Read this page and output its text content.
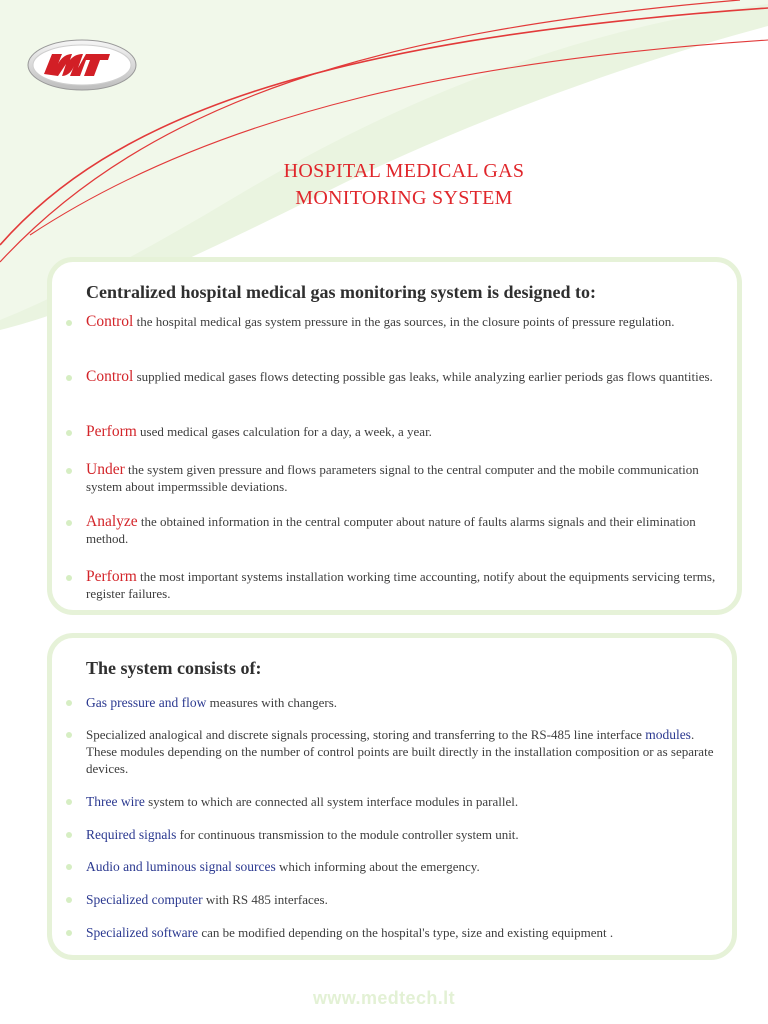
HOSPITAL MEDICAL GAS
MONITORING SYSTEM
Centralized hospital medical gas monitoring system is designed to:
Control the hospital medical gas system pressure in the gas sources, in the closure points of pressure regulation.
Control supplied medical gases flows detecting possible gas leaks, while analyzing earlier periods gas flows quantities.
Perform used medical gases calculation for a day, a week, a year.
Under the system given pressure and flows parameters signal to the central computer and the mobile communication system about impermssible deviations.
Analyze the obtained information in the central computer about nature of faults alarms signals and their elimination method.
Perform the most important systems installation working time accounting, notify about the equipments servicing terms, register failures.
The system consists of:
Gas pressure and flow measures with changers.
Specialized analogical and discrete signals processing, storing and transferring to the RS-485 line interface modules. These modules depending on the number of control points are built directly in the installation composition or as separate devices.
Three wire system to which are connected all system interface modules in parallel.
Required signals for continuous transmission to the module controller system unit.
Audio and luminous signal sources which informing about the emergency.
Specialized computer with RS 485 interfaces.
Specialized software can be modified depending on the hospital's type, size and existing equipment .
www.medtech.lt
